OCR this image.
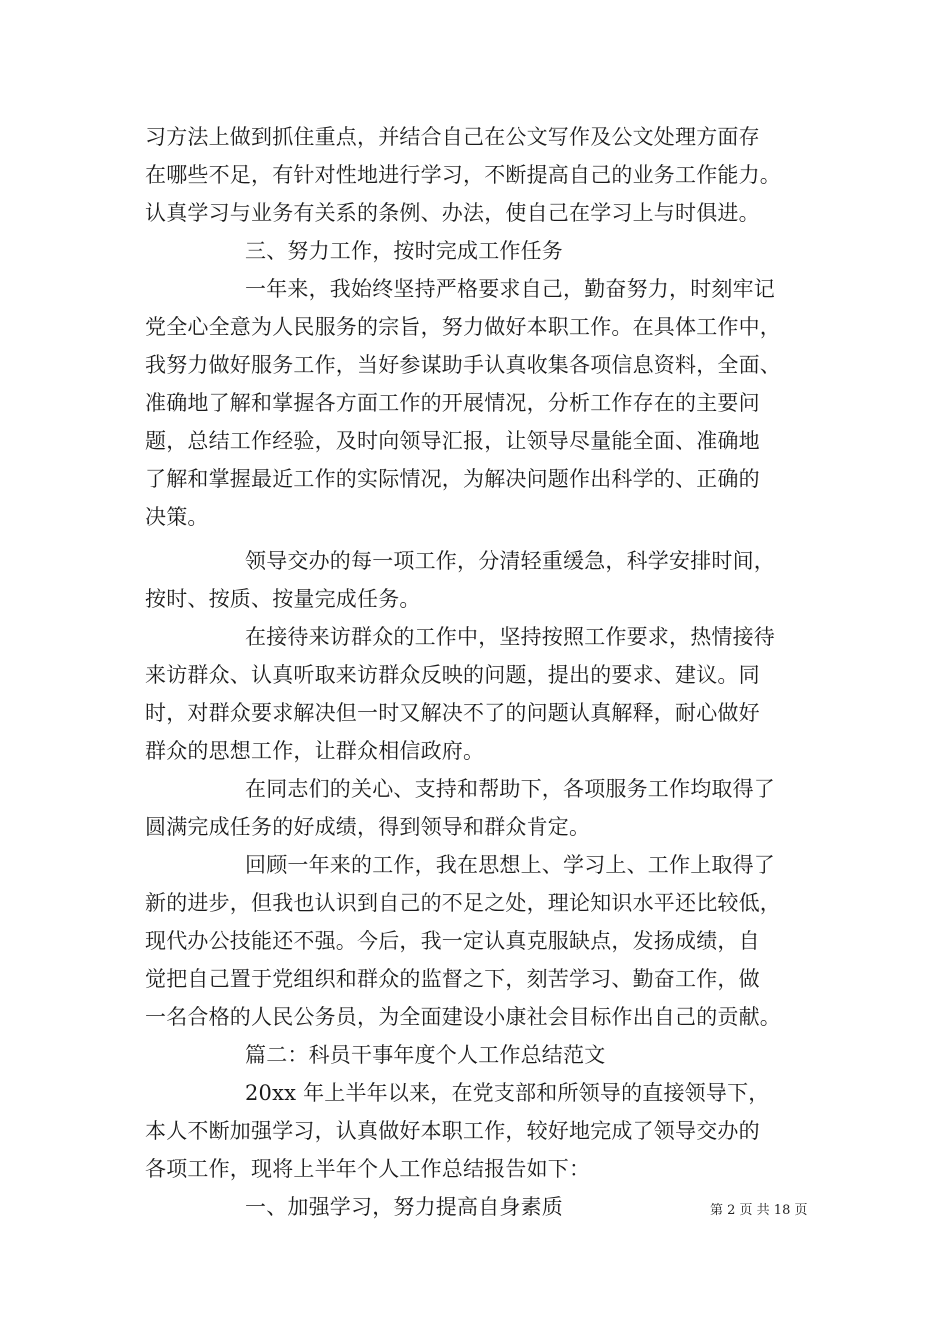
习方法上做到抓住重点，并结合自己在公文写作及公文处理方面存
在哪些不足，有针对性地进行学习，不断提高自己的业务工作能力。
认真学习与业务有关系的条例、办法，使自己在学习上与时俱进。
三、努力工作，按时完成工作任务
一年来，我始终坚持严格要求自己，勤奋努力，时刻牢记
党全心全意为人民服务的宗旨，努力做好本职工作。在具体工作中，
我努力做好服务工作，当好参谋助手认真收集各项信息资料，全面、
准确地了解和掌握各方面工作的开展情况，分析工作存在的主要问
题，总结工作经验，及时向领导汇报，让领导尽量能全面、准确地
了解和掌握最近工作的实际情况，为解决问题作出科学的、正确的
决策。
领导交办的每一项工作，分清轻重缓急，科学安排时间，
按时、按质、按量完成任务。
在接待来访群众的工作中，坚持按照工作要求，热情接待
来访群众、认真听取来访群众反映的问题，提出的要求、建议。同
时，对群众要求解决但一时又解决不了的问题认真解释，耐心做好
群众的思想工作，让群众相信政府。
在同志们的关心、支持和帮助下，各项服务工作均取得了
圆满完成任务的好成绩，得到领导和群众肯定。
回顾一年来的工作，我在思想上、学习上、工作上取得了
新的进步，但我也认识到自己的不足之处，理论知识水平还比较低，
现代办公技能还不强。今后，我一定认真克服缺点，发扬成绩，自
觉把自己置于党组织和群众的监督之下，刻苦学习、勤奋工作，做
一名合格的人民公务员，为全面建设小康社会目标作出自己的贡献。
篇二：科员干事年度个人工作总结范文
20xx 年上半年以来，在党支部和所领导的直接领导下，
本人不断加强学习，认真做好本职工作，较好地完成了领导交办的
各项工作，现将上半年个人工作总结报告如下：
一、加强学习，努力提高自身素质	第 2 页 共 18 页
